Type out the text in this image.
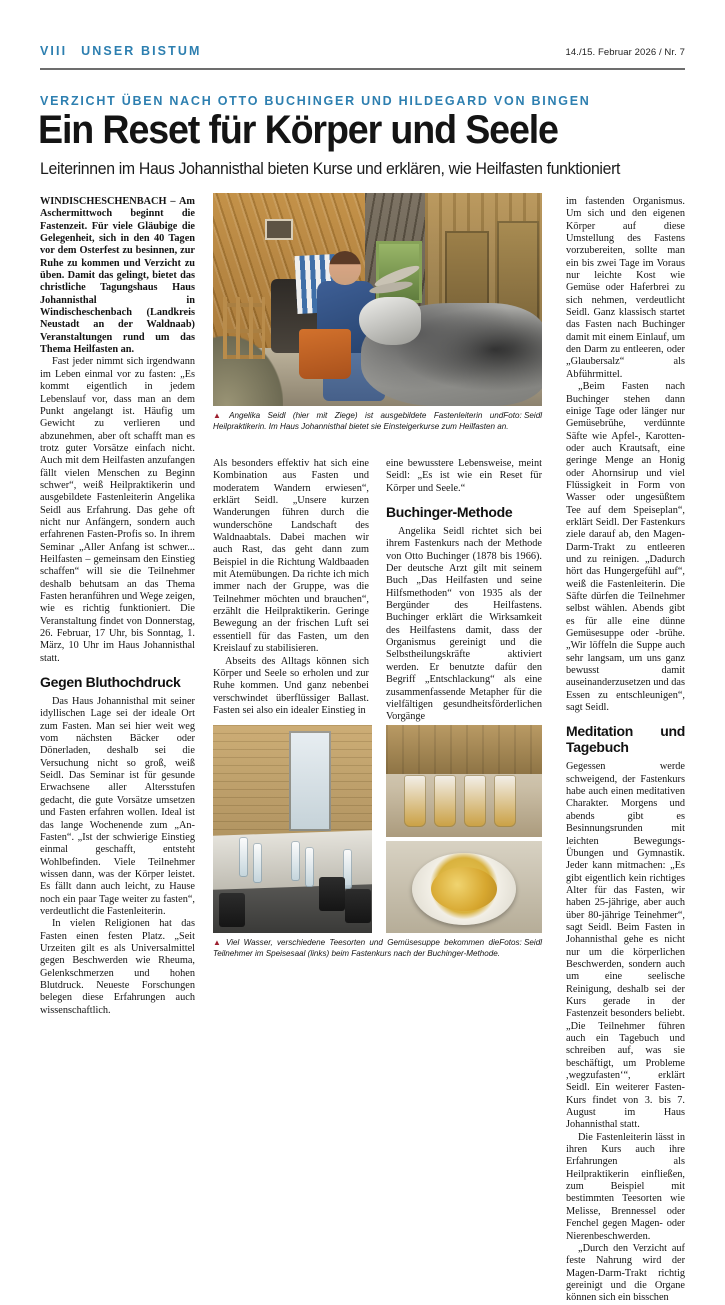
VIII UNSER BISTUM	14./15. Februar 2026 / Nr. 7
VERZICHT ÜBEN NACH OTTO BUCHINGER UND HILDEGARD VON BINGEN
Ein Reset für Körper und Seele
Leiterinnen im Haus Johannisthal bieten Kurse und erklären, wie Heilfasten funktioniert

WINDISCHESCHENBACH – Am Aschermittwoch beginnt die Fastenzeit. Für viele Gläubige die Gelegenheit, sich in den 40 Tagen vor dem Osterfest zu besinnen, zur Ruhe zu kommen und Verzicht zu üben. Damit das gelingt, bietet das christliche Tagungshaus Haus Johannisthal in Windischeschenbach (Landkreis Neustadt an der Waldnaab) Veranstaltungen rund um das Thema Heilfasten an.

Fast jeder nimmt sich irgendwann im Leben einmal vor zu fasten: „Es kommt eigentlich in jedem Lebenslauf vor, dass man an dem Punkt angelangt ist. Häufig um Gewicht zu verlieren und abzunehmen, aber oft schafft man es trotz guter Vorsätze einfach nicht. Auch mit dem Heilfasten anzufangen fällt vielen Menschen zu Beginn schwer“, weiß Heilpraktikerin und ausgebildete Fastenleiterin Angelika Seidl aus Erfahrung. Das gehe oft nicht nur Anfängern, sondern auch erfahrenen Fasten-Profis so. In ihrem Seminar „Aller Anfang ist schwer... Heilfasten – gemeinsam den Einstieg schaffen“ will sie die Teilnehmer deshalb behutsam an das Thema Fasten heranführen und Wege zeigen, wie es richtig funktioniert. Die Veranstaltung findet von Donnerstag, 26. Februar, 17 Uhr, bis Sonntag, 1. März, 10 Uhr im Haus Johannisthal statt.

Gegen Bluthochdruck

Das Haus Johannisthal mit seiner idyllischen Lage sei der ideale Ort zum Fasten. Man sei hier weit weg vom nächsten Bäcker oder Dönerladen, deshalb sei die Versuchung nicht so groß, weiß Seidl. Das Seminar ist für gesunde Erwachsene aller Altersstufen gedacht, die gute Vorsätze umsetzen und Fasten erfahren wollen. Ideal ist das lange Wochenende zum „An-Fasten“. „Ist der schwierige Einstieg einmal geschafft, entsteht Wohlbefinden. Viele Teilnehmer wissen dann, was der Körper leistet. Es fällt dann auch leicht, zu Hause noch ein paar Tage weiter zu fasten“, verdeutlicht die Fastenleiterin.

In vielen Religionen hat das Fasten einen festen Platz. „Seit Urzeiten gilt es als Universalmittel gegen Beschwerden wie Rheuma, Gelenkschmerzen und hohen Blutdruck. Neueste Forschungen belegen diese Erfahrungen auch wissenschaftlich.

Foto: Seidl
▲ Angelika Seidl (hier mit Ziege) ist ausgebildete Fastenleiterin und Heilpraktikerin. Im Haus Johannisthal bietet sie Einsteigerkurse zum Heilfasten an.

Als besonders effektiv hat sich eine Kombination aus Fasten und moderatem Wandern erwiesen“, erklärt Seidl. „Unsere kurzen Wanderungen führen durch die wunderschöne Landschaft des Waldnaabtals. Dabei machen wir auch Rast, das geht dann zum Beispiel in die Richtung Waldbaaden mit Atemübungen. Da richte ich mich immer nach der Gruppe, was die Teilnehmer möchten und brauchen“, erzählt die Heilpraktikerin. Geringe Bewegung an der frischen Luft sei essentiell für das Fasten, um den Kreislauf zu stabilisieren.

Abseits des Alltags können sich Körper und Seele so erholen und zur Ruhe kommen. Und ganz nebenbei verschwindet überflüssiger Ballast. Fasten sei also ein idealer Einstieg in

eine bewusstere Lebensweise, meint Seidl: „Es ist wie ein Reset für Körper und Seele.“

Buchinger-Methode

Angelika Seidl richtet sich bei ihrem Fastenkurs nach der Methode von Otto Buchinger (1878 bis 1966). Der deutsche Arzt gilt mit seinem Buch „Das Heilfasten und seine Hilfsmethoden“ von 1935 als der Bergünder des Heilfastens. Buchinger erklärt die Wirksamkeit des Heilfastens damit, dass der Organismus gereinigt und die Selbstheilungskräfte aktiviert werden. Er benutzte dafür den Begriff „Entschlackung“ als eine zusammenfassende Metapher für die vielfältigen gesundheitsförderlichen Vorgänge

im fastenden Organismus. Um sich und den eigenen Körper auf diese Umstellung des Fastens vorzubereiten, sollte man ein bis zwei Tage im Voraus nur leichte Kost wie Gemüse oder Haferbrei zu sich nehmen, verdeutlicht Seidl. Ganz klassisch startet das Fasten nach Buchinger damit mit einem Einlauf, um den Darm zu entleeren, oder „Glaubersalz“ als Abführmittel.

„Beim Fasten nach Buchinger stehen dann einige Tage oder länger nur Gemüsebrühe, verdünnte Säfte wie Apfel-, Karotten- oder auch Krautsaft, eine geringe Menge an Honig oder Ahornsirup und viel Flüssigkeit in Form von Wasser oder ungesüßtem Tee auf dem Speiseplan“, erklärt Seidl. Der Fastenkurs ziele darauf ab, den Magen-Darm-Trakt zu entleeren und zu reinigen. „Dadurch hört das Hungergefühl auf“, weiß die Fastenleiterin. Die Säfte dürfen die Teilnehmer selbst wählen. Abends gibt es für alle eine dünne Gemüsesuppe oder -brühe. „Wir löffeln die Suppe auch sehr langsam, um uns ganz bewusst damit auseinanderzusetzen und das Essen zu entschleunigen“, sagt Seidl.

Meditation und Tagebuch

Gegessen werde schweigend, der Fastenkurs habe auch einen meditativen Charakter. Morgens und abends gibt es Besinnungsrunden mit leichten Bewegungs-Übungen und Gymnastik. Jeder kann mitmachen: „Es gibt eigentlich kein richtiges Alter für das Fasten, wir haben 25-jährige, aber auch über 80-jährige Teinehmer“, sagt Seidl. Beim Fasten in Johannisthal gehe es nicht nur um die körperlichen Beschwerden, sondern auch um eine seelische Reinigung, deshalb sei der Kurs gerade in der Fastenzeit besonders beliebt. „Die Teilnehmer führen auch ein Tagebuch und schreiben auf, was sie beschäftigt, um Probleme ,wegzufasten‘“, erklärt Seidl. Ein weiterer Fasten-Kurs findet von 3. bis 7. August im Haus Johannisthal statt.

Die Fastenleiterin lässt in ihren Kurs auch ihre Erfahrungen als Heilpraktikerin einfließen, zum Beispiel mit bestimmten Teesorten wie Melisse, Brennessel oder Fenchel gegen Magen- oder Nierenbeschwerden.

„Durch den Verzicht auf feste Nahrung wird der Magen-Darm-Trakt richtig gereinigt und die Organe können sich ein bisschen

Fotos: Seidl
▲ Viel Wasser, verschiedene Teesorten und Gemüsesuppe bekommen die Teilnehmer im Speisesaal (links) beim Fastenkurs nach der Buchinger-Methode.
